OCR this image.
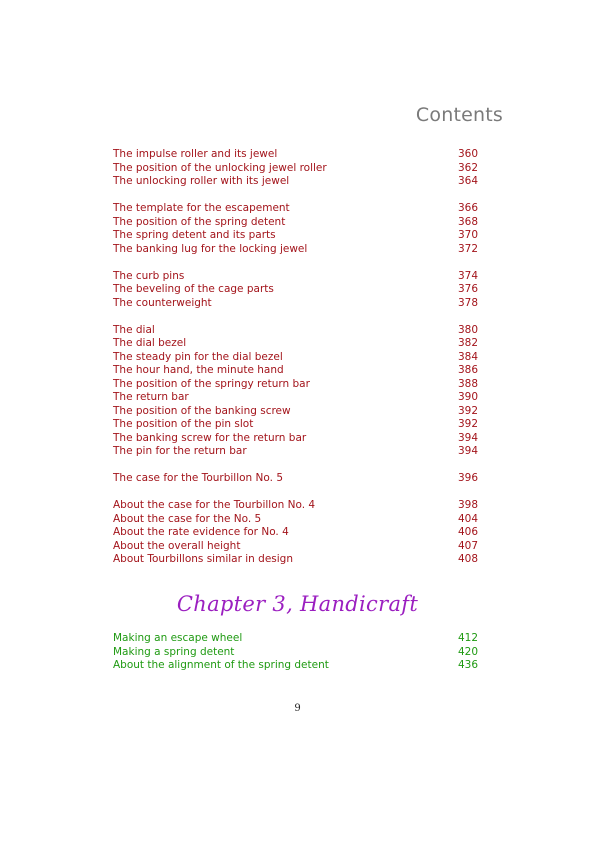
Contents
The impulse roller and its jewel	360
The position of the unlocking jewel roller	362
The unlocking roller with its jewel	364
The template for the escapement	366
The position of the spring detent	368
The spring detent and its parts	370
The banking lug for the locking jewel	372
The curb pins	374
The beveling of the cage parts	376
The counterweight	378
The dial	380
The dial bezel	382
The steady pin for the dial bezel	384
The hour hand, the minute hand	386
The position of the springy return bar	388
The return bar	390
The position of the banking screw	392
The position of the pin slot	392
The banking screw for the return bar	394
The pin for the return bar	394
The case for the Tourbillon No. 5	396
About the case for the Tourbillon No. 4	398
About the case for the No. 5	404
About the rate evidence for No. 4	406
About the overall height	407
About Tourbillons similar in design	408
Chapter 3, Handicraft
Making an escape wheel	412
Making a spring detent	420
About the alignment of the spring detent	436
9
